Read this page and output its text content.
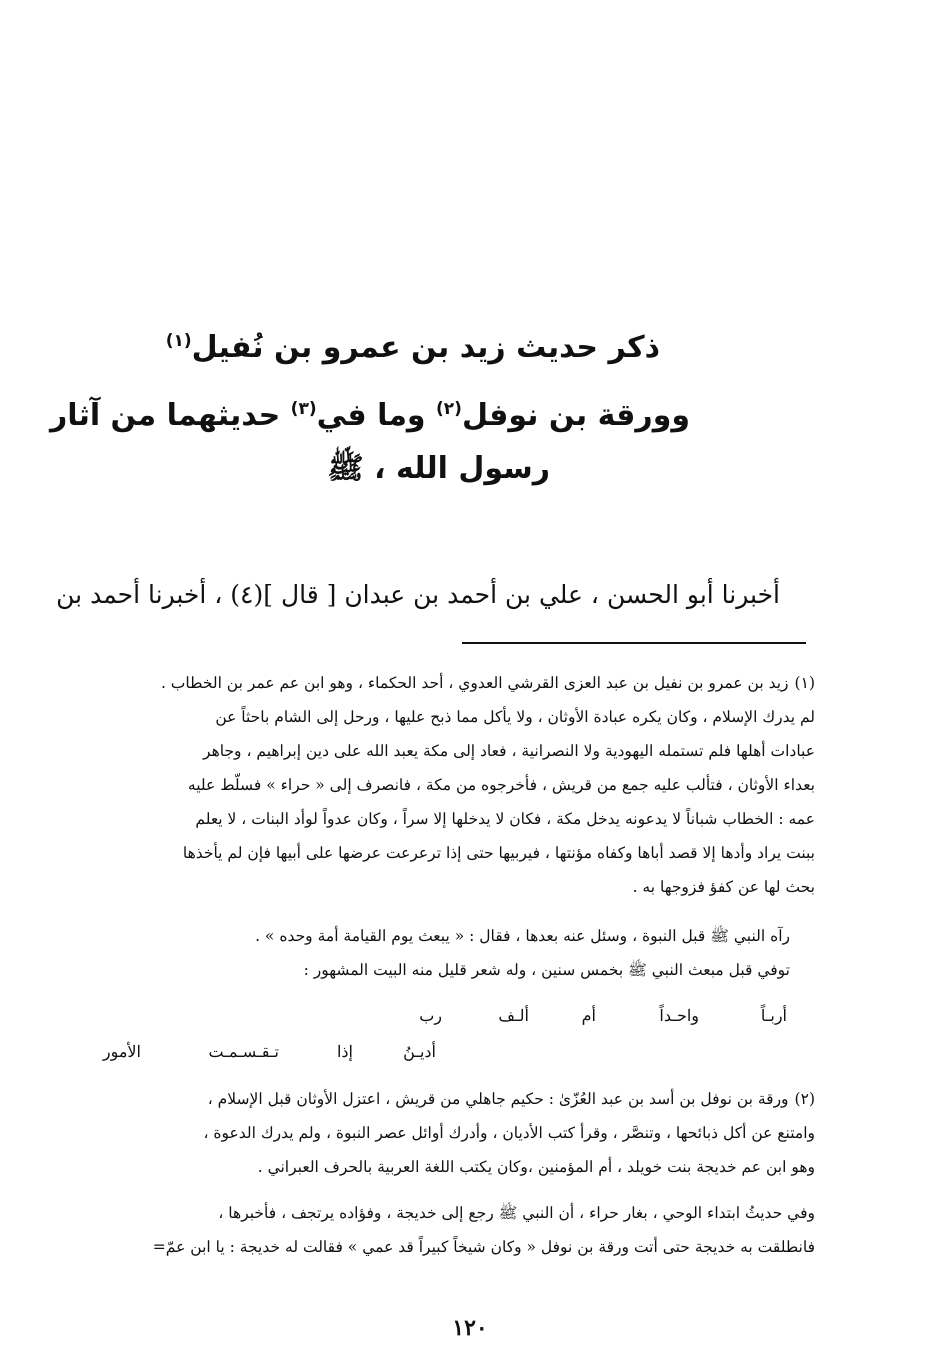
ذكر حديث زيد بن عمرو بن نُفيل$^{(١)}$
وورقة بن نوفل$^{(٢)}$ وما في$^{(٣)}$ حديثهما من آثار
رسول الله ، ﷺ
أخبرنا أبو الحسن ، علي بن أحمد بن عبدان [ قال ](٤) ، أخبرنا أحمد بن
(١)زيد بن عمرو بن نفيل بن عبد العزى القرشي العدوي ، أحد الحكماء ، وهو ابن عم عمر بن الخطاب .
لم يدرك الإسلام ، وكان يكره عبادة الأوثان ، ولا يأكل مما ذبح عليها ، ورحل إلى الشام باحثاً عن
عبادات أهلها فلم تستمله اليهودية ولا النصرانية ، فعاد إلى مكة يعبد الله على دين إبراهيم ، وجاهر
بعداء الأوثان ، فتألب عليه جمع من قريش ، فأخرجوه من مكة ، فانصرف إلى « حراء » فسلّط عليه
عمه : الخطاب شباناً لا يدعونه يدخل مكة ، فكان لا يدخلها إلا سراً ، وكان عدواً لوأد البنات ، لا يعلم
ببنت يراد وأدها إلا قصد أباها وكفاه مؤنتها ، فيربيها حتى إذا ترعرعت عرضها على أبيها فإن لم يأخذها
بحث لها عن كفؤ فزوجها به .
رآه النبي ﷺ قبل النبوة ، وسئل عنه بعدها ، فقال : « يبعث يوم القيامة أمة وحده » .
توفي قبل مبعث النبي ﷺ بخمس سنين ، وله شعر قليل منه البيت المشهور :
أربـاً
واحـداً
أم
ألـف
رب
أديـنُ
إذا
تـقـسـمـت
الأمور
(٢)ورقة بن نوفل بن أسد بن عبد العُزّىٰ : حكيم جاهلي من قريش ، اعتزل الأوثان قبل الإسلام ،
وامتنع عن أكل ذبائحها ، وتنصَّر ، وقرأ كتب الأديان ، وأدرك أوائل عصر النبوة ، ولم يدرك الدعوة ،
وهو ابن عم خديجة بنت خويلد ، أم المؤمنين ،وكان يكتب اللغة العربية بالحرف العبراني .
وفي حديثُ ابتداء الوحي ، بغار حراء ، أن النبي ﷺ رجع إلى خديجة ، وفؤاده يرتجف ، فأخبرها ،
فانطلقت به خديجة حتى أتت ورقة بن نوفل « وكان شيخاً كبيراً قد عمي » فقالت له خديجة : يا ابن عمّ=
١٢٠
